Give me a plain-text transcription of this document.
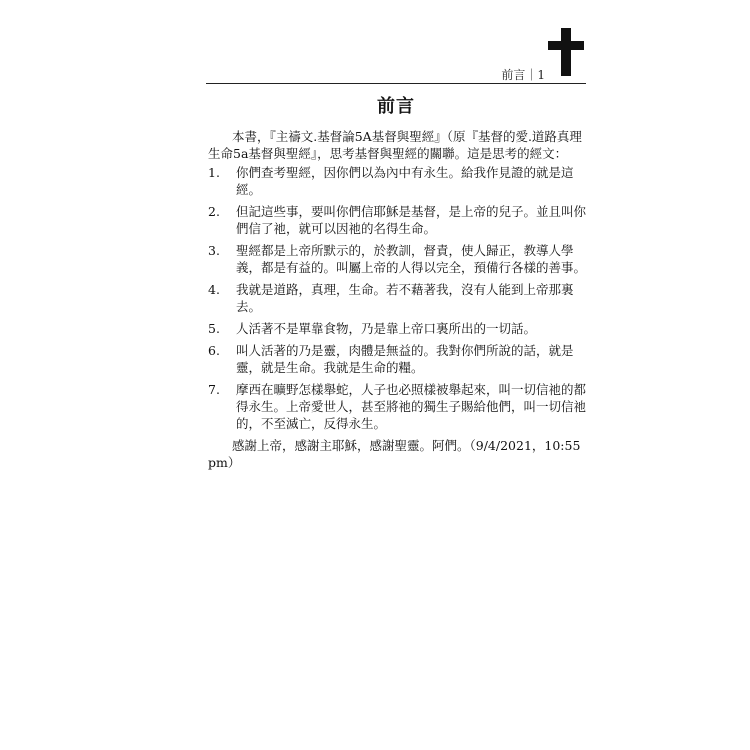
前言｜1
前言

本書，『主禱文.基督論5A基督與聖經』（原『基督的愛.道路真理生命5a基督與聖經』，思考基督與聖經的關聯。這是思考的經文：

1.	你們查考聖經，因你們以為內中有永生。給我作見證的就是這經。
2.	但記這些事，要叫你們信耶穌是基督，是上帝的兒子。並且叫你們信了祂，就可以因祂的名得生命。
3.	聖經都是上帝所默示的，於教訓，督責，使人歸正，教導人學義，都是有益的。叫屬上帝的人得以完全，預備行各樣的善事。
4.	我就是道路，真理，生命。若不藉著我，沒有人能到上帝那裏去。
5.	人活著不是單靠食物，乃是靠上帝口裏所出的一切話。
6.	叫人活著的乃是靈，肉體是無益的。我對你們所說的話，就是靈，就是生命。我就是生命的糧。
7.	摩西在曠野怎樣舉蛇，人子也必照樣被舉起來，叫一切信祂的都得永生。上帝愛世人，甚至將祂的獨生子賜給他們，叫一切信祂的，不至滅亡，反得永生。

感謝上帝，感謝主耶穌，感謝聖靈。阿們。（9/4/2021，10:55 pm）
